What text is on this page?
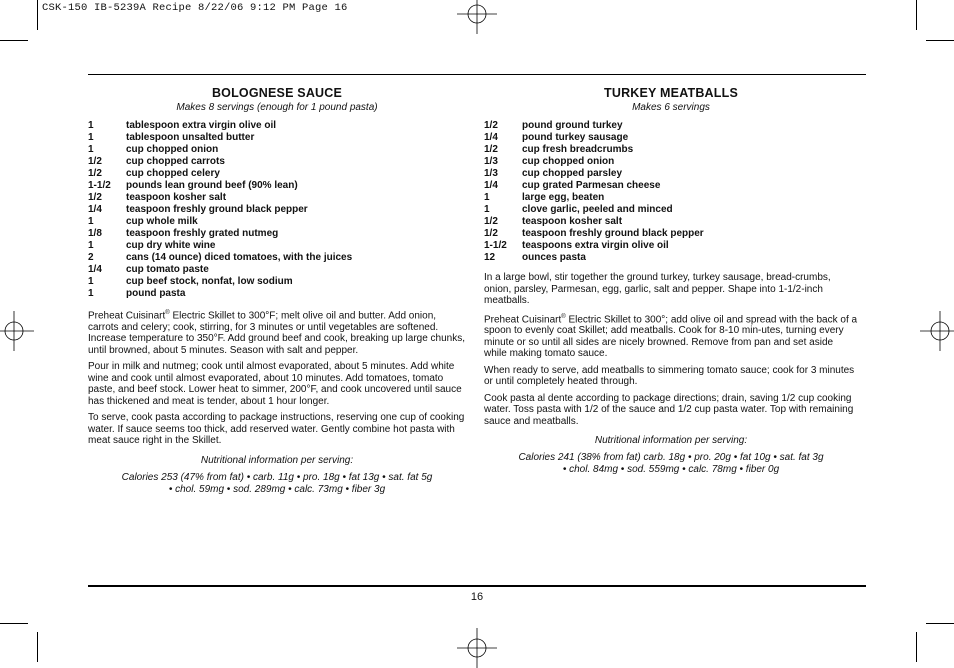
CSK-150 IB-5239A Recipe 8/22/06 9:12 PM Page 16
BOLOGNESE SAUCE
Makes 8 servings (enough for 1 pound pasta)
1	tablespoon extra virgin olive oil
1	tablespoon unsalted butter
1	cup chopped onion
1/2	cup chopped carrots
1/2	cup chopped celery
1-1/2	pounds lean ground beef (90% lean)
1/2	teaspoon kosher salt
1/4	teaspoon freshly ground black pepper
1	cup whole milk
1/8	teaspoon freshly grated nutmeg
1	cup dry white wine
2	cans (14 ounce) diced tomatoes, with the juices
1/4	cup tomato paste
1	cup beef stock, nonfat, low sodium
1	pound pasta

Preheat Cuisinart® Electric Skillet to 300°F; melt olive oil and butter. Add onion, carrots and celery; cook, stirring, for 3 minutes or until vegetables are softened. Increase temperature to 350°F. Add ground beef and cook, breaking up large chunks, until browned, about 5 minutes. Season with salt and pepper.

Pour in milk and nutmeg; cook until almost evaporated, about 5 minutes. Add white wine and cook until almost evaporated, about 10 minutes. Add tomatoes, tomato paste, and beef stock. Lower heat to simmer, 200°F, and cook uncovered until sauce has thickened and meat is tender, about 1 hour longer.

To serve, cook pasta according to package instructions, reserving one cup of cooking water. If sauce seems too thick, add reserved water. Gently combine hot pasta with meat sauce right in the Skillet.

Nutritional information per serving:
Calories 253 (47% from fat) • carb. 11g • pro. 18g • fat 13g • sat. fat 5g
• chol. 59mg • sod. 289mg • calc. 73mg • fiber 3g
TURKEY MEATBALLS
Makes 6 servings
1/2	pound ground turkey
1/4	pound turkey sausage
1/2	cup fresh breadcrumbs
1/3	cup chopped onion
1/3	cup chopped parsley
1/4	cup grated Parmesan cheese
1	large egg, beaten
1	clove garlic, peeled and minced
1/2	teaspoon kosher salt
1/2	teaspoon freshly ground black pepper
1-1/2	teaspoons extra virgin olive oil
12	ounces pasta

In a large bowl, stir together the ground turkey, turkey sausage, bread-crumbs, onion, parsley, Parmesan, egg, garlic, salt and pepper. Shape into 1-1/2-inch meatballs.

Preheat Cuisinart® Electric Skillet to 300°; add olive oil and spread with the back of a spoon to evenly coat Skillet; add meatballs. Cook for 8-10 min-utes, turning every minute or so until all sides are nicely browned. Remove from pan and set aside while making tomato sauce.

When ready to serve, add meatballs to simmering tomato sauce; cook for 3 minutes or until completely heated through.

Cook pasta al dente according to package directions; drain, saving 1/2 cup cooking water. Toss pasta with 1/2 of the sauce and 1/2 cup pasta water. Top with remaining sauce and meatballs.

Nutritional information per serving:
Calories 241 (38% from fat) carb. 18g • pro. 20g • fat 10g • sat. fat 3g
• chol. 84mg • sod. 559mg • calc. 78mg • fiber 0g
16
